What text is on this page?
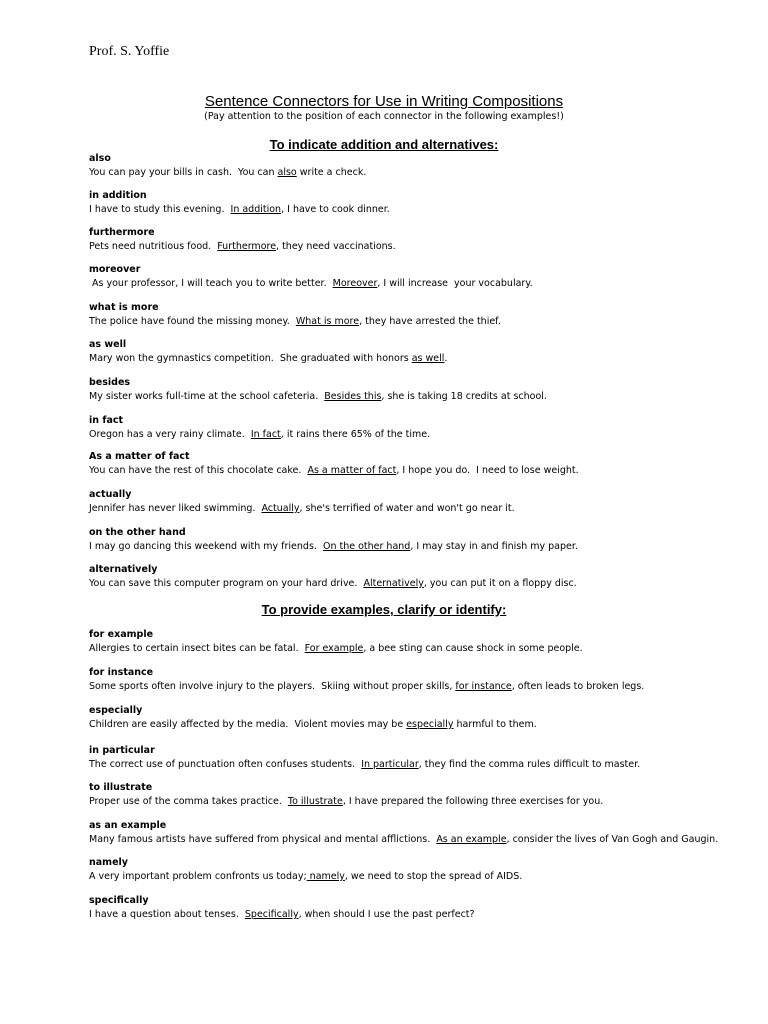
Prof. S. Yoffie
Sentence Connectors for Use in Writing Compositions
(Pay attention to the position of each connector in the following examples!)
To indicate addition and alternatives:
also
You can pay your bills in cash.  You can also write a check.
in addition
I have to study this evening.  In addition, I have to cook dinner.
furthermore
Pets need nutritious food.  Furthermore, they need vaccinations.
moreover
As your professor, I will teach you to write better.  Moreover, I will increase  your vocabulary.
what is more
The police have found the missing money.  What is more, they have arrested the thief.
as well
Mary won the gymnastics competition.  She graduated with honors as well.
besides
My sister works full-time at the school cafeteria.  Besides this, she is taking 18 credits at school.
in fact
Oregon has a very rainy climate.  In fact, it rains there 65% of the time.
As a matter of fact
You can have the rest of this chocolate cake.  As a matter of fact, I hope you do.  I need to lose weight.
actually
Jennifer has never liked swimming.  Actually, she's terrified of water and won't go near it.
on the other hand
I may go dancing this weekend with my friends.  On the other hand, I may stay in and finish my paper.
alternatively
You can save this computer program on your hard drive.  Alternatively, you can put it on a floppy disc.
To provide examples, clarify or identify:
for example
Allergies to certain insect bites can be fatal.  For example, a bee sting can cause shock in some people.
for instance
Some sports often involve injury to the players.  Skiing without proper skills, for instance, often leads to broken legs.
especially
Children are easily affected by the media.  Violent movies may be especially harmful to them.
in particular
The correct use of punctuation often confuses students.  In particular, they find the comma rules difficult to master.
to illustrate
Proper use of the comma takes practice.  To illustrate, I have prepared the following three exercises for you.
as an example
Many famous artists have suffered from physical and mental afflictions.  As an example, consider the lives of Van Gogh and Gaugin.
namely
A very important problem confronts us today; namely, we need to stop the spread of AIDS.
specifically
I have a question about tenses.  Specifically, when should I use the past perfect?
